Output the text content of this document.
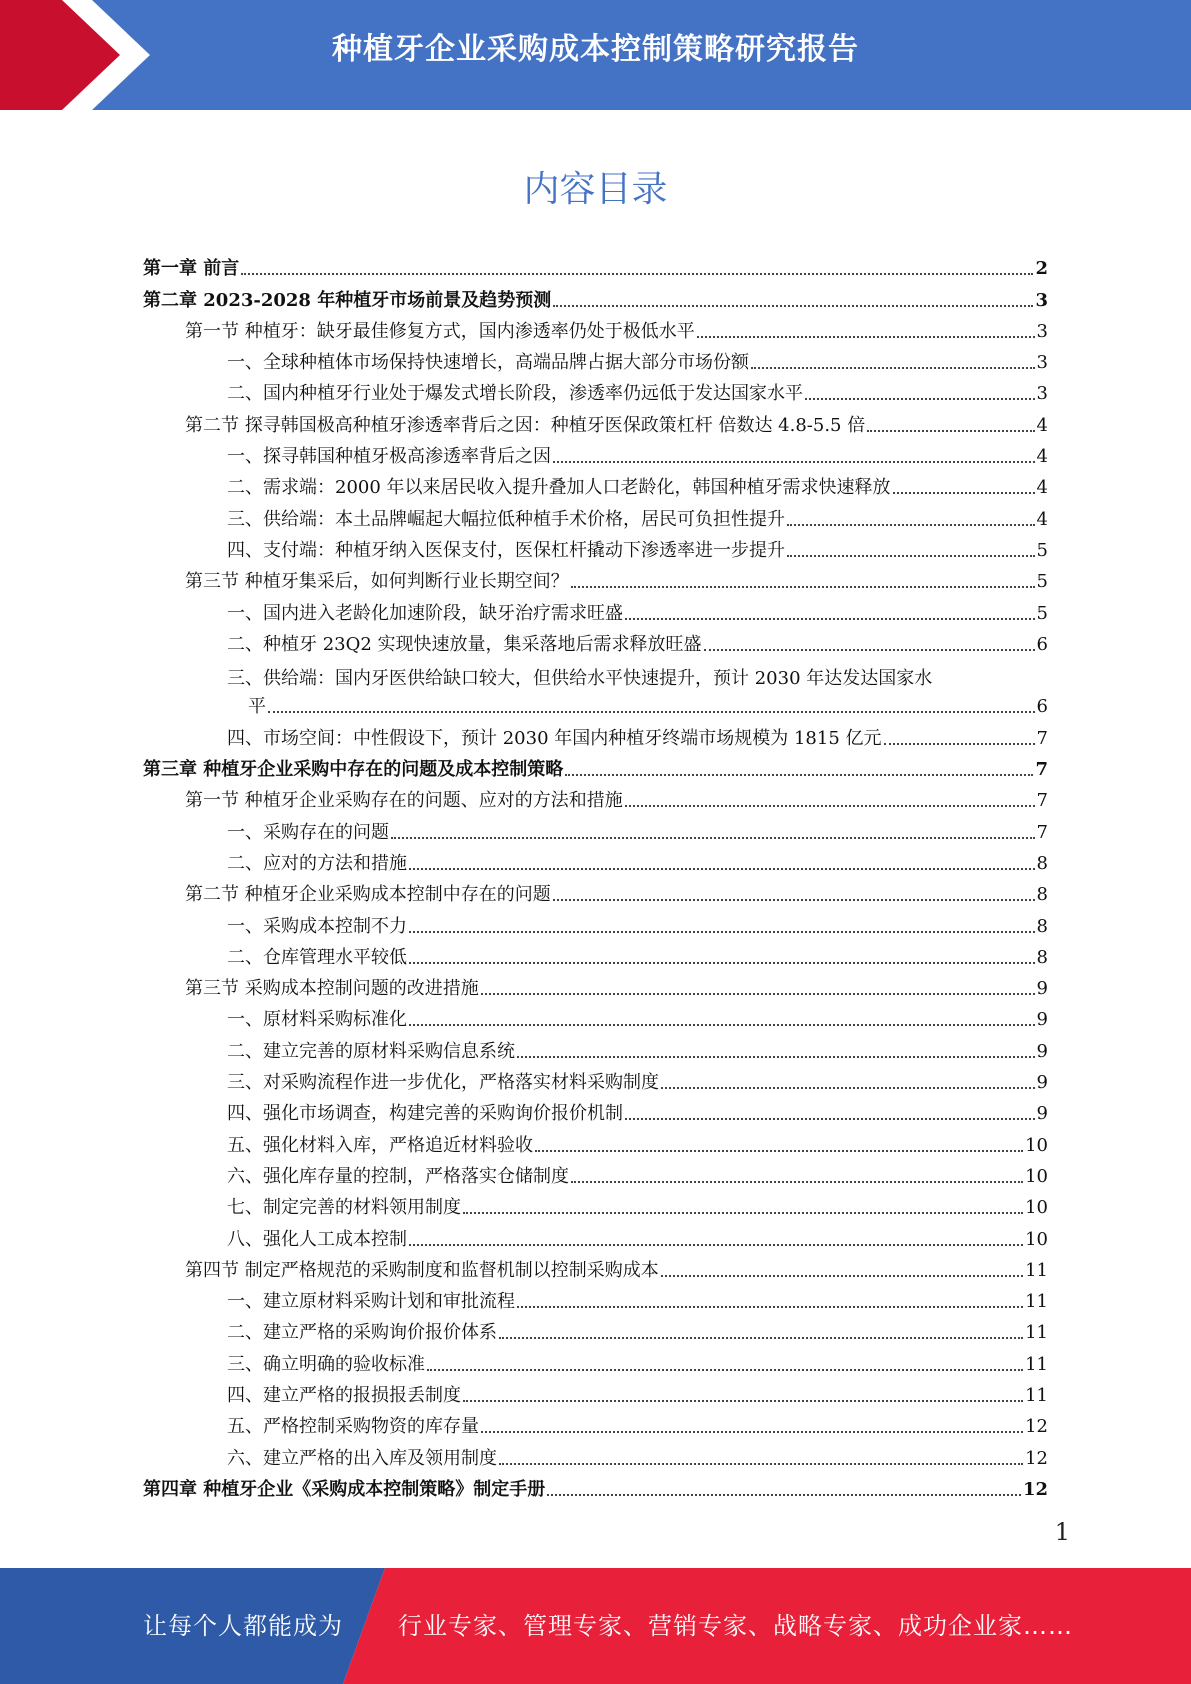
种植牙企业采购成本控制策略研究报告
内容目录
第一章 前言	2
第二章 2023-2028 年种植牙市场前景及趋势预测	3
第一节 种植牙：缺牙最佳修复方式，国内渗透率仍处于极低水平	3
一、全球种植体市场保持快速增长，高端品牌占据大部分市场份额	3
二、国内种植牙行业处于爆发式增长阶段，渗透率仍远低于发达国家水平	3
第二节 探寻韩国极高种植牙渗透率背后之因：种植牙医保政策杠杆 倍数达 4.8-5.5 倍	4
一、探寻韩国种植牙极高渗透率背后之因	4
二、需求端：2000 年以来居民收入提升叠加人口老龄化，韩国种植牙需求快速释放	4
三、供给端：本土品牌崛起大幅拉低种植手术价格，居民可负担性提升	4
四、支付端：种植牙纳入医保支付，医保杠杆撬动下渗透率进一步提升	5
第三节 种植牙集采后，如何判断行业长期空间？	5
一、国内进入老龄化加速阶段，缺牙治疗需求旺盛	5
二、种植牙 23Q2 实现快速放量，集采落地后需求释放旺盛	6
三、供给端：国内牙医供给缺口较大，但供给水平快速提升，预计 2030 年达发达国家水
平	6
四、市场空间：中性假设下，预计 2030 年国内种植牙终端市场规模为 1815 亿元	7
第三章 种植牙企业采购中存在的问题及成本控制策略	7
第一节 种植牙企业采购存在的问题、应对的方法和措施	7
一、采购存在的问题	7
二、应对的方法和措施	8
第二节 种植牙企业采购成本控制中存在的问题	8
一、采购成本控制不力	8
二、仓库管理水平较低	8
第三节 采购成本控制问题的改进措施	9
一、原材料采购标准化	9
二、建立完善的原材料采购信息系统	9
三、对采购流程作进一步优化，严格落实材料采购制度	9
四、强化市场调查，构建完善的采购询价报价机制	9
五、强化材料入库，严格追近材料验收	10
六、强化库存量的控制，严格落实仓储制度	10
七、制定完善的材料领用制度	10
八、强化人工成本控制	10
第四节 制定严格规范的采购制度和监督机制以控制采购成本	11
一、建立原材料采购计划和审批流程	11
二、建立严格的采购询价报价体系	11
三、确立明确的验收标准	11
四、建立严格的报损报丢制度	11
五、严格控制采购物资的库存量	12
六、建立严格的出入库及领用制度	12
第四章 种植牙企业《采购成本控制策略》制定手册	12
1
让每个人都能成为 行业专家、管理专家、营销专家、战略专家、成功企业家……
